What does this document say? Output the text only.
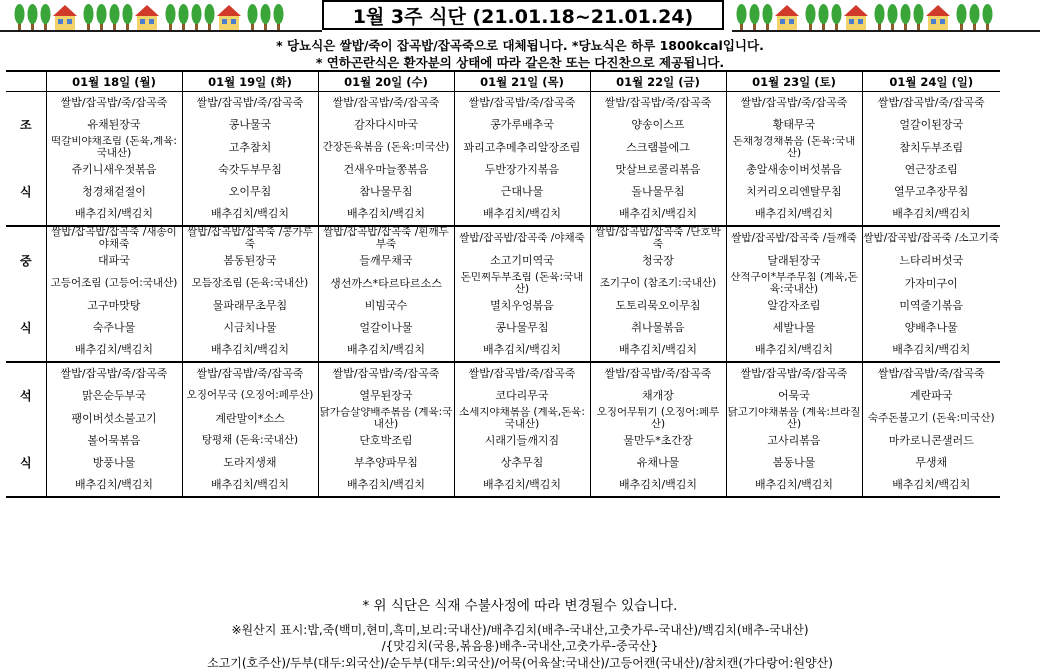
1월 3주 식단 (21.01.18~21.01.24)
* 당뇨식은 쌀밥/죽이 잡곡밥/잡곡죽으로 대체됩니다. *당뇨식은 하루 1800kcal입니다.
* 연하곤란식은 환자분의 상태에 따라 갈은찬 또는 다진찬으로 제공됩니다.
	01월 18일 (월)	01월 19일 (화)	01월 20일 (수)	01월 21일 (목)	01월 22일 (금)	01월 23일 (토)	01월 24일 (일)
	쌀밥/잡곡밥/죽/잡곡죽	쌀밥/잡곡밥/죽/잡곡죽	쌀밥/잡곡밥/죽/잡곡죽	쌀밥/잡곡밥/죽/잡곡죽	쌀밥/잡곡밥/죽/잡곡죽	쌀밥/잡곡밥/죽/잡곡죽	쌀밥/잡곡밥/죽/잡곡죽
조	유채된장국	콩나물국	감자다시마국	콩가루배추국	양송이스프	황태무국	얼갈이된장국
	떡갈비야채조림 (돈육,계육:국내산)	고추참치	간장돈육볶음 (돈육:미국산)	꽈리고추메추리알장조림	스크램블에그	돈채청경채볶음 (돈육:국내산)	참치두부조림
	쥬키니새우젓볶음	숙갓두부무침	건새우마늘쫑볶음	두반장가지볶음	맛살브로콜리볶음	총알새송이버섯볶음	연근장조림
식	청경채겉절이	오이무침	참나물무침	근대나물	돌나물무침	치커리오리엔탈무침	열무고추장무침
	배추김치/백김치	배추김치/백김치	배추김치/백김치	배추김치/백김치	배추김치/백김치	배추김치/백김치	배추김치/백김치
	쌀밥/잡곡밥/잡곡죽 /새송이야채죽	쌀밥/잡곡밥/잡곡죽 /콩가루죽	쌀밥/잡곡밥/잡곡죽 /흰깨두부죽	쌀밥/잡곡밥/잡곡죽 /야채죽	쌀밥/잡곡밥/잡곡죽 /단호박죽	쌀밥/잡곡밥/잡곡죽 /들깨죽	쌀밥/잡곡밥/잡곡죽 /소고기죽
중	대파국	봄동된장국	들깨무채국	소고기미역국	청국장	달래된장국	느타리버섯국
	고등어조림 (고등어:국내산)	모듬장조림 (돈육:국내산)	생선까스*타르타르소스	돈민찌두부조림 (돈육:국내산)	조기구이 (참조기:국내산)	산적구이*부추무침 (계육,돈육:국내산)	가자미구이
	고구마맛탕	물파래무초무침	비빔국수	멸치우엉볶음	도토리묵오이무침	알감자조림	미역줄기볶음
식	숙주나물	시금치나물	얼갈이나물	콩나물무침	취나물볶음	세발나물	양배추나물
	배추김치/백김치	배추김치/백김치	배추김치/백김치	배추김치/백김치	배추김치/백김치	배추김치/백김치	배추김치/백김치
	쌀밥/잡곡밥/죽/잡곡죽	쌀밥/잡곡밥/죽/잡곡죽	쌀밥/잡곡밥/죽/잡곡죽	쌀밥/잡곡밥/죽/잡곡죽	쌀밥/잡곡밥/죽/잡곡죽	쌀밥/잡곡밥/죽/잡곡죽	쌀밥/잡곡밥/죽/잡곡죽
석	맑은순두부국	오징어무국 (오징어:페루산)	열무된장국	코다리무국	채개장	어묵국	계란파국
	팽이버섯소불고기	계란말이*소스	닭가슴살양배추볶음 (계육:국내산)	소세지야채볶음 (계육,돈육:국내산)	오징어무튀기 (오징어:페루산)	닭고기야채볶음 (계육:브라질산)	숙주돈불고기 (돈육:미국산)
	볼어묵볶음	탕평채 (돈육:국내산)	단호박조림	시래기들깨지짐	물만두*초간장	고사리볶음	마카로니콘샐러드
식	방풍나물	도라지생채	부추양파무침	상추무침	유채나물	봄동나물	무생채
	배추김치/백김치	배추김치/백김치	배추김치/백김치	배추김치/백김치	배추김치/백김치	배추김치/백김치	배추김치/백김치
* 위 식단은 식재 수불사정에 따라 변경될수 있습니다.
※원산지 표시:밥,죽(백미,현미,흑미,보리:국내산)/배추김치(배추-국내산,고춧가루-국내산)/백김치(배추-국내산)
/{맛김치(국용,볶음용)배추-국내산,고춧가루-중국산}
소고기(호주산)/두부(대두:외국산)/순두부(대두:외국산)/어묵(어육살:국내산)/고등어캔(국내산)/참치캔(가다랑어:원양산)
